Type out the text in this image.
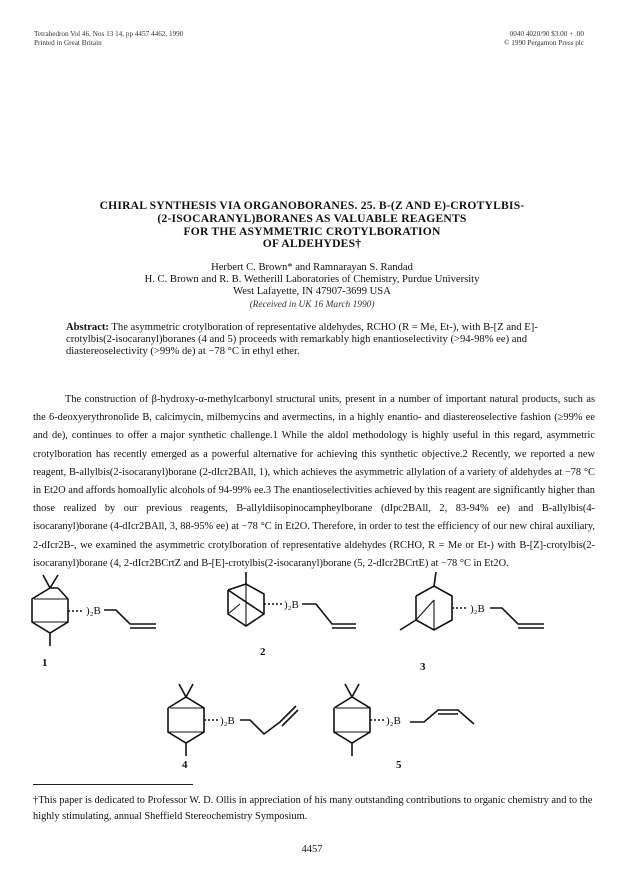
Tetrahedron Vol 46, Nos 13 14, pp 4457 4462, 1990
Printed in Great Britain
0040 4020/90 $3.00 + .00
© 1990 Pergamon Press plc
CHIRAL SYNTHESIS VIA ORGANOBORANES. 25. B-(Z AND E)-CROTYLBIS-
(2-ISOCARANYL)BORANES AS VALUABLE REAGENTS
FOR THE ASYMMETRIC CROTYLBORATION
OF ALDEHYDES†
Herbert C. Brown* and Ramnarayan S. Randad
H. C. Brown and R. B. Wetherill Laboratories of Chemistry, Purdue University
West Lafayette, IN 47907-3699 USA
(Received in UK 16 March 1990)
Abstract: The asymmetric crotylboration of representative aldehydes, RCHO (R = Me, Et-), with B-[Z and E]-crotylbis(2-isocaranyl)boranes (4 and 5) proceeds with remarkably high enantioselectivity (>94-98% ee) and diastereoselectivity (>99% de) at −78 °C in ethyl ether.

The construction of β-hydroxy-α-methylcarbonyl structural units, present in a number of important natural products, such as the 6-deoxyerythronolide B, calcimycin, milbemycins and avermectins, in a highly enantio- and diastereoselective fashion (≥99% ee and de), continues to offer a major synthetic challenge.1 While the aldol methodology is highly useful in this regard, asymmetric crotylboration has recently emerged as a powerful alternative for achieving this synthetic objective.2 Recently, we reported a new reagent, B-allylbis(2-isocaranyl)borane (2-dIcr2BAll, 1), which achieves the asymmetric allylation of a variety of aldehydes at −78 °C in Et2O and affords homoallylic alcohols of 94-99% ee.3 The enantioselectivities achieved by this reagent are significantly higher than those realized by our previous reagents, B-allyldiisopinocampheylborane (dIpc2BAll, 2, 83-94% ee) and B-allylbis(4-isocaranyl)borane (4-dIcr2BAll, 3, 88-95% ee) at −78 °C in Et2O. Therefore, in order to test the efficiency of our new chiral auxiliary, 2-dIcr2B-, we examined the asymmetric crotylboration of representative aldehydes (RCHO, R = Me or Et-) with B-[Z]-crotylbis(2-isocaranyl)borane (4, 2-dIcr2BCrtZ and B-[E]-crotylbis(2-isocaranyl)borane (5, 2-dIcr2BCrtE) at −78 °C in Et2O.

)₂B
1
)₂B
2
)₂B
3
)₂B
4
)₂B
5

†This paper is dedicated to Professor W. D. Ollis in appreciation of his many outstanding contributions to organic chemistry and to the highly stimulating, annual Sheffield Stereochemistry Symposium.

4457
